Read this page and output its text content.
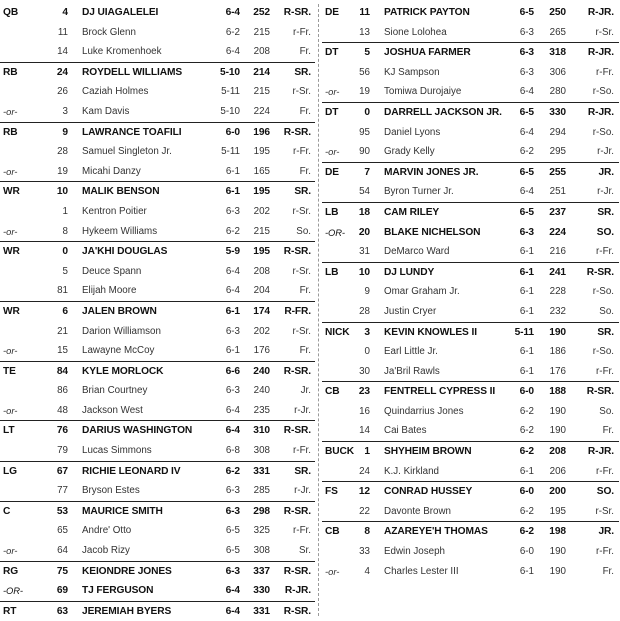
QB	4 DJ UIAGALELEI	6-4	252	R-SR.
11 Brock Glenn	6-2	215	r-Fr.
14 Luke Kromenhoek	6-4	208	Fr.
RB	24 ROYDELL WILLIAMS	5-10	214	SR.
26 Caziah Holmes	5-11	215	r-Sr.
-or-	3 Kam Davis	5-10	224	Fr.
RB	9 LAWRANCE TOAFILI	6-0	196	R-SR.
28 Samuel Singleton Jr.	5-11	195	r-Fr.
-or-	19 Micahi Danzy	6-1	165	Fr.
WR	10 MALIK BENSON	6-1	195	SR.
1 Kentron Poitier	6-3	202	r-Sr.
-or-	8 Hykeem Williams	6-2	215	So.
WR	0 JA'KHI DOUGLAS	5-9	195	R-SR.
5 Deuce Spann	6-4	208	r-Sr.
81 Elijah Moore	6-4	204	Fr.
WR	6 JALEN BROWN	6-1	174	R-FR.
21 Darion Williamson	6-3	202	r-Sr.
-or-	15 Lawayne McCoy	6-1	176	Fr.
TE	84 KYLE MORLOCK	6-6	240	R-SR.
86 Brian Courtney	6-3	240	Jr.
-or-	48 Jackson West	6-4	235	r-Jr.
LT	76 DARIUS WASHINGTON	6-4	310	R-SR.
79 Lucas Simmons	6-8	308	r-Fr.
LG	67 RICHIE LEONARD IV	6-2	331	SR.
77 Bryson Estes	6-3	285	r-Jr.
C	53 MAURICE SMITH	6-3	298	R-SR.
65 Andre' Otto	6-5	325	r-Fr.
-or-	64 Jacob Rizy	6-5	308	Sr.
RG	75 KEIONDRE JONES	6-3	337	R-SR.
-OR-	69 TJ FERGUSON	6-4	330	R-JR.
RT	63 JEREMIAH BYERS	6-4	331	R-SR.
DE	11 PATRICK PAYTON	6-5	250	R-JR.
13 Sione Lolohea	6-3	265	r-Sr.
DT	5 JOSHUA FARMER	6-3	318	R-JR.
56 KJ Sampson	6-3	306	r-Fr.
-or-	19 Tomiwa Durojaiye	6-4	280	r-So.
DT	0 DARRELL JACKSON JR.	6-5	330	R-JR.
95 Daniel Lyons	6-4	294	r-So.
-or-	90 Grady Kelly	6-2	295	r-Jr.
DE	7 MARVIN JONES JR.	6-5	255	JR.
54 Byron Turner Jr.	6-4	251	r-Jr.
LB	18 CAM RILEY	6-5	237	SR.
-OR-	20 BLAKE NICHELSON	6-3	224	SO.
31 DeMarco Ward	6-1	216	r-Fr.
LB	10 DJ LUNDY	6-1	241	R-SR.
9 Omar Graham Jr.	6-1	228	r-So.
28 Justin Cryer	6-1	232	So.
NICK	3 KEVIN KNOWLES II	5-11	190	SR.
0 Earl Little Jr.	6-1	186	r-So.
30 Ja'Bril Rawls	6-1	176	r-Fr.
CB	23 FENTRELL CYPRESS II	6-0	188	R-SR.
16 Quindarrius Jones	6-2	190	So.
14 Cai Bates	6-2	190	Fr.
BUCK	1 SHYHEIM BROWN	6-2	208	R-JR.
24 K.J. Kirkland	6-1	206	r-Fr.
FS	12 CONRAD HUSSEY	6-0	200	SO.
22 Davonte Brown	6-2	195	r-Sr.
CB	8 AZAREYE'H THOMAS	6-2	198	JR.
33 Edwin Joseph	6-0	190	r-Fr.
-or-	4 Charles Lester III	6-1	190	Fr.
